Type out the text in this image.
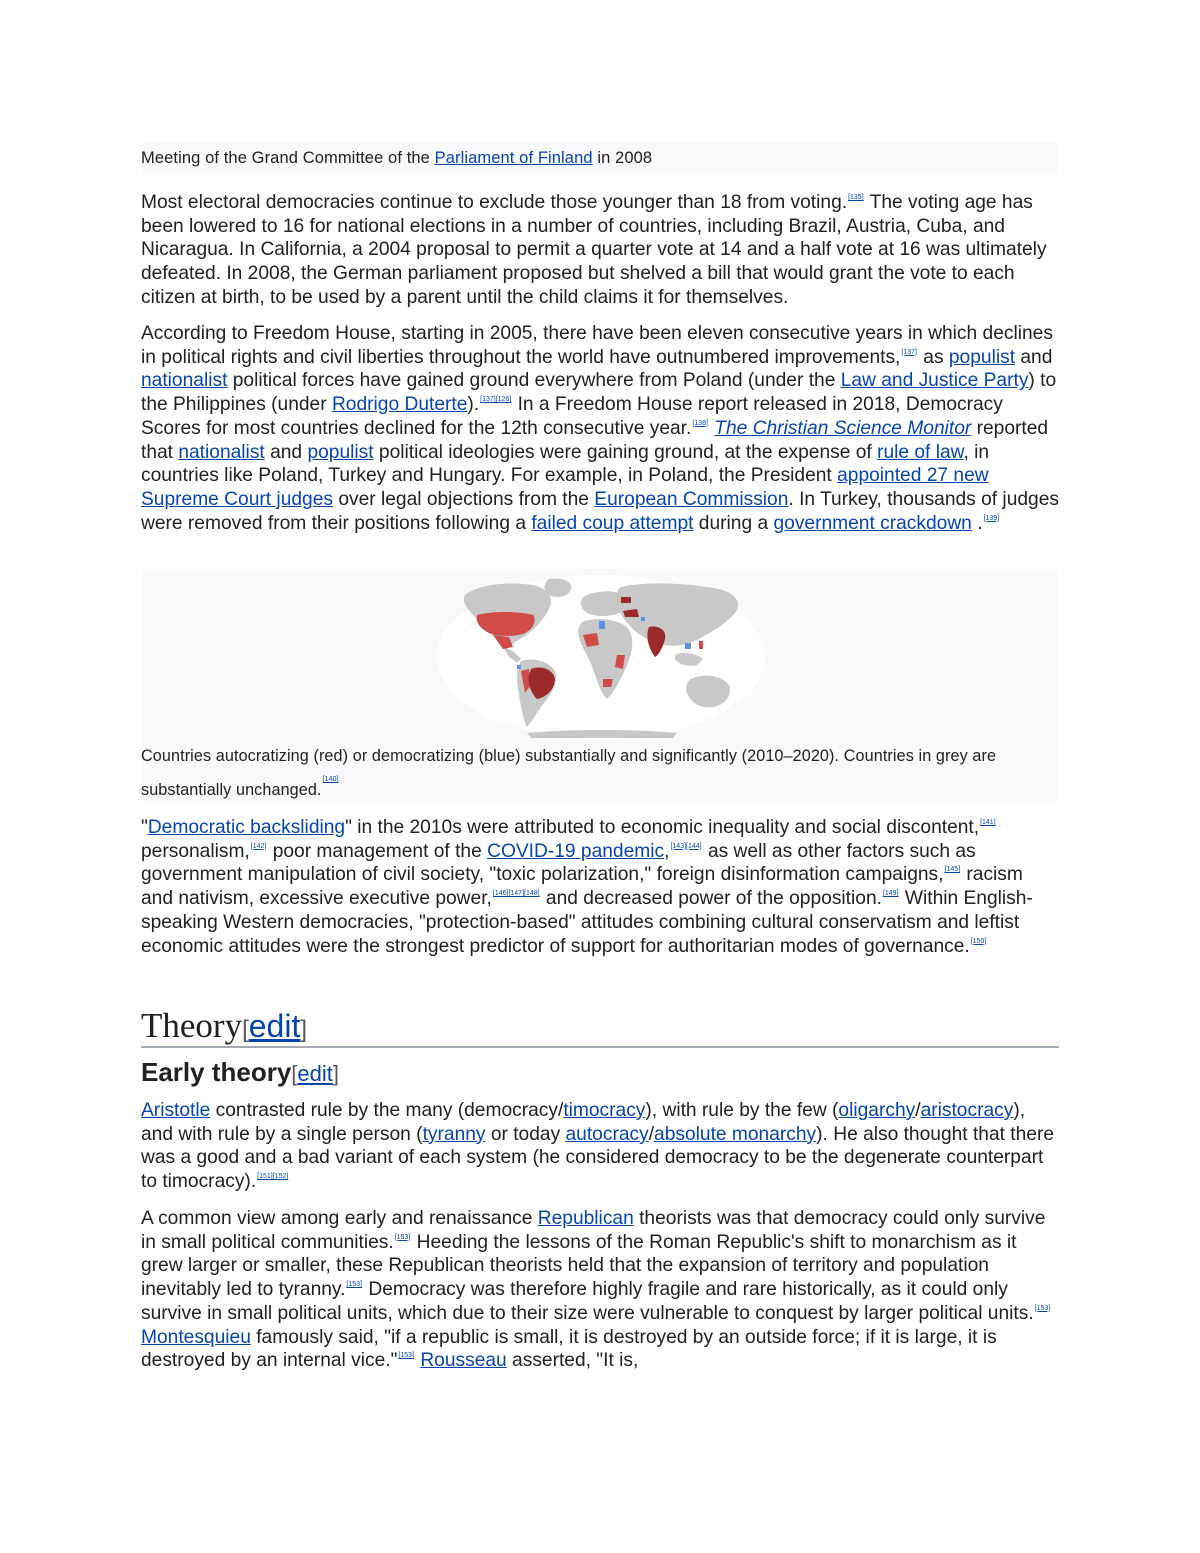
Meeting of the Grand Committee of the Parliament of Finland in 2008

Most electoral democracies continue to exclude those younger than 18 from voting.[135] The voting age has been lowered to 16 for national elections in a number of countries, including Brazil, Austria, Cuba, and Nicaragua. In California, a 2004 proposal to permit a quarter vote at 14 and a half vote at 16 was ultimately defeated. In 2008, the German parliament proposed but shelved a bill that would grant the vote to each citizen at birth, to be used by a parent until the child claims it for themselves.

According to Freedom House, starting in 2005, there have been eleven consecutive years in which declines in political rights and civil liberties throughout the world have outnumbered improvements,[137] as populist and nationalist political forces have gained ground everywhere from Poland (under the Law and Justice Party) to the Philippines (under Rodrigo Duterte).[137][126] In a Freedom House report released in 2018, Democracy Scores for most countries declined for the 12th consecutive year.[138] The Christian Science Monitor reported that nationalist and populist political ideologies were gaining ground, at the expense of rule of law, in countries like Poland, Turkey and Hungary. For example, in Poland, the President appointed 27 new Supreme Court judges over legal objections from the European Commission. In Turkey, thousands of judges were removed from their positions following a failed coup attempt during a government crackdown .[139]

Countries autocratizing (red) or democratizing (blue) substantially and significantly (2010–2020). Countries in grey are substantially unchanged.[140]

"Democratic backsliding" in the 2010s were attributed to economic inequality and social discontent,[141] personalism,[142] poor management of the COVID-19 pandemic,[143][144] as well as other factors such as government manipulation of civil society, "toxic polarization," foreign disinformation campaigns,[145] racism and nativism, excessive executive power,[146][147][148] and decreased power of the opposition.[149] Within English-speaking Western democracies, "protection-based" attitudes combining cultural conservatism and leftist economic attitudes were the strongest predictor of support for authoritarian modes of governance.[150]

Theory[edit]
Early theory[edit]

Aristotle contrasted rule by the many (democracy/timocracy), with rule by the few (oligarchy/aristocracy), and with rule by a single person (tyranny or today autocracy/absolute monarchy). He also thought that there was a good and a bad variant of each system (he considered democracy to be the degenerate counterpart to timocracy).[151][152]

A common view among early and renaissance Republican theorists was that democracy could only survive in small political communities.[153] Heeding the lessons of the Roman Republic's shift to monarchism as it grew larger or smaller, these Republican theorists held that the expansion of territory and population inevitably led to tyranny.[153] Democracy was therefore highly fragile and rare historically, as it could only survive in small political units, which due to their size were vulnerable to conquest by larger political units.[153] Montesquieu famously said, "if a republic is small, it is destroyed by an outside force; if it is large, it is destroyed by an internal vice."[153] Rousseau asserted, "It is,
